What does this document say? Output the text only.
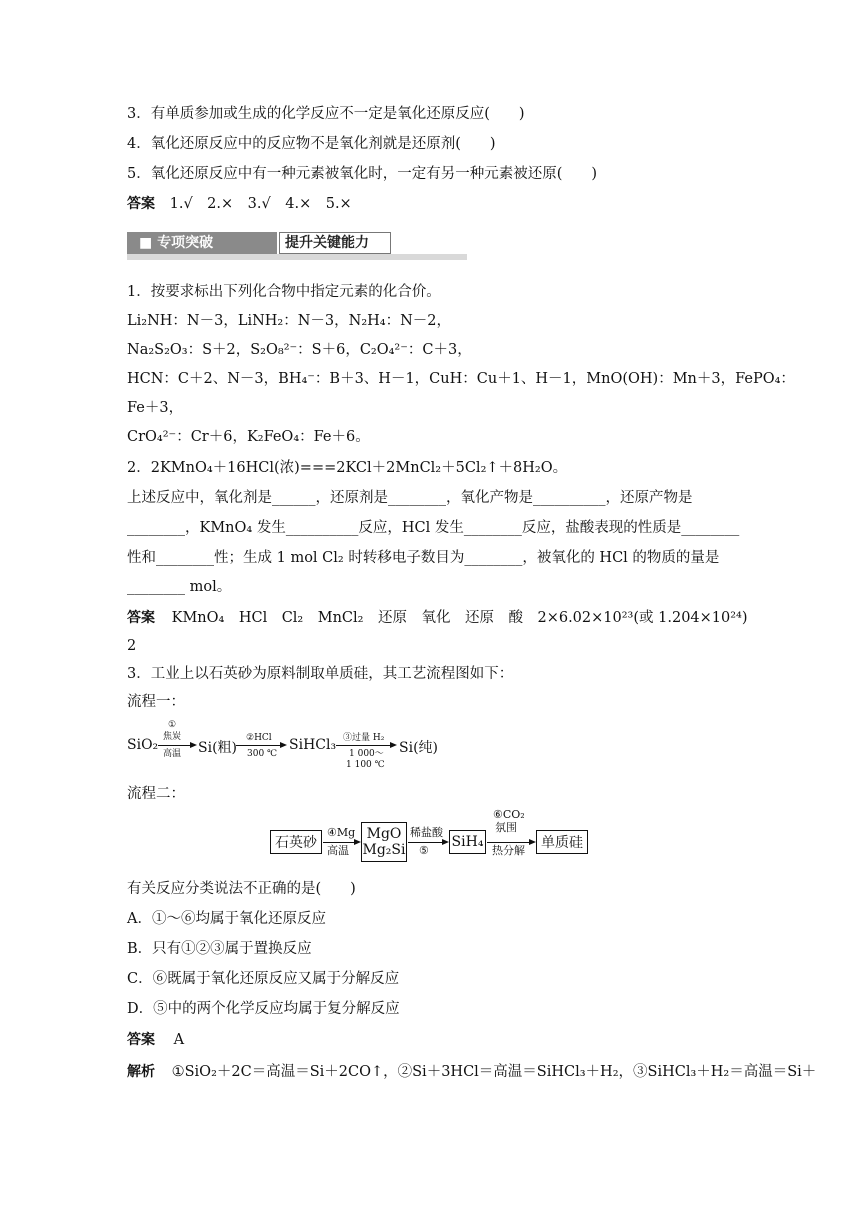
3．有单质参加或生成的化学反应不一定是氧化还原反应(　　)
4．氧化还原反应中的反应物不是氧化剂就是还原剂(　　)
5．氧化还原反应中有一种元素被氧化时，一定有另一种元素被还原(　　)
答案 1.√　2.×　3.√　4.×　5.×
■ 专项突破	提升关键能力
1．按要求标出下列化合物中指定元素的化合价。
Li₂NH：N－3，LiNH₂：N－3，N₂H₄：N－2，
Na₂S₂O₃：S＋2，S₂O₈²⁻：S＋6，C₂O₄²⁻：C＋3，
HCN：C＋2、N－3，BH₄⁻：B＋3、H－1，CuH：Cu＋1、H－1，MnO(OH)：Mn＋3，FePO₄：
Fe＋3，
CrO₄²⁻：Cr＋6，K₂FeO₄：Fe＋6。
2．2KMnO₄＋16HCl(浓)===2KCl＋2MnCl₂＋5Cl₂↑＋8H₂O。
上述反应中，氧化剂是______，还原剂是________，氧化产物是__________，还原产物是
________，KMnO₄ 发生__________反应，HCl 发生________反应，盐酸表现的性质是________
性和________性；生成 1 mol Cl₂ 时转移电子数目为________，被氧化的 HCl 的物质的量是
________ mol。
答案 KMnO₄　HCl　Cl₂　MnCl₂　还原　氧化　还原　酸　2×6.02×10²³(或 1.204×10²⁴)
2
3．工业上以石英砂为原料制取单质硅，其工艺流程图如下：
流程一：
SiO₂
①
焦炭
高温 Si(粗)
②HCl
300 ℃
SiHCl₃ ③过量 H₂
1 000～
1 100 ℃
Si(纯)
流程二：
石英砂
④Mg
高温
MgO
Mg₂Si
稀盐酸
⑤
SiH₄
⑥CO₂
氛围
热分解	单质硅
有关反应分类说法不正确的是(　　)
A．①～⑥均属于氧化还原反应
B．只有①②③属于置换反应
C．⑥既属于氧化还原反应又属于分解反应
D．⑤中的两个化学反应均属于复分解反应
答案 A
解析 ①SiO₂＋2C＝高温＝Si＋2CO↑，②Si＋3HCl＝高温＝SiHCl₃＋H₂，③SiHCl₃＋H₂＝高温＝Si＋
